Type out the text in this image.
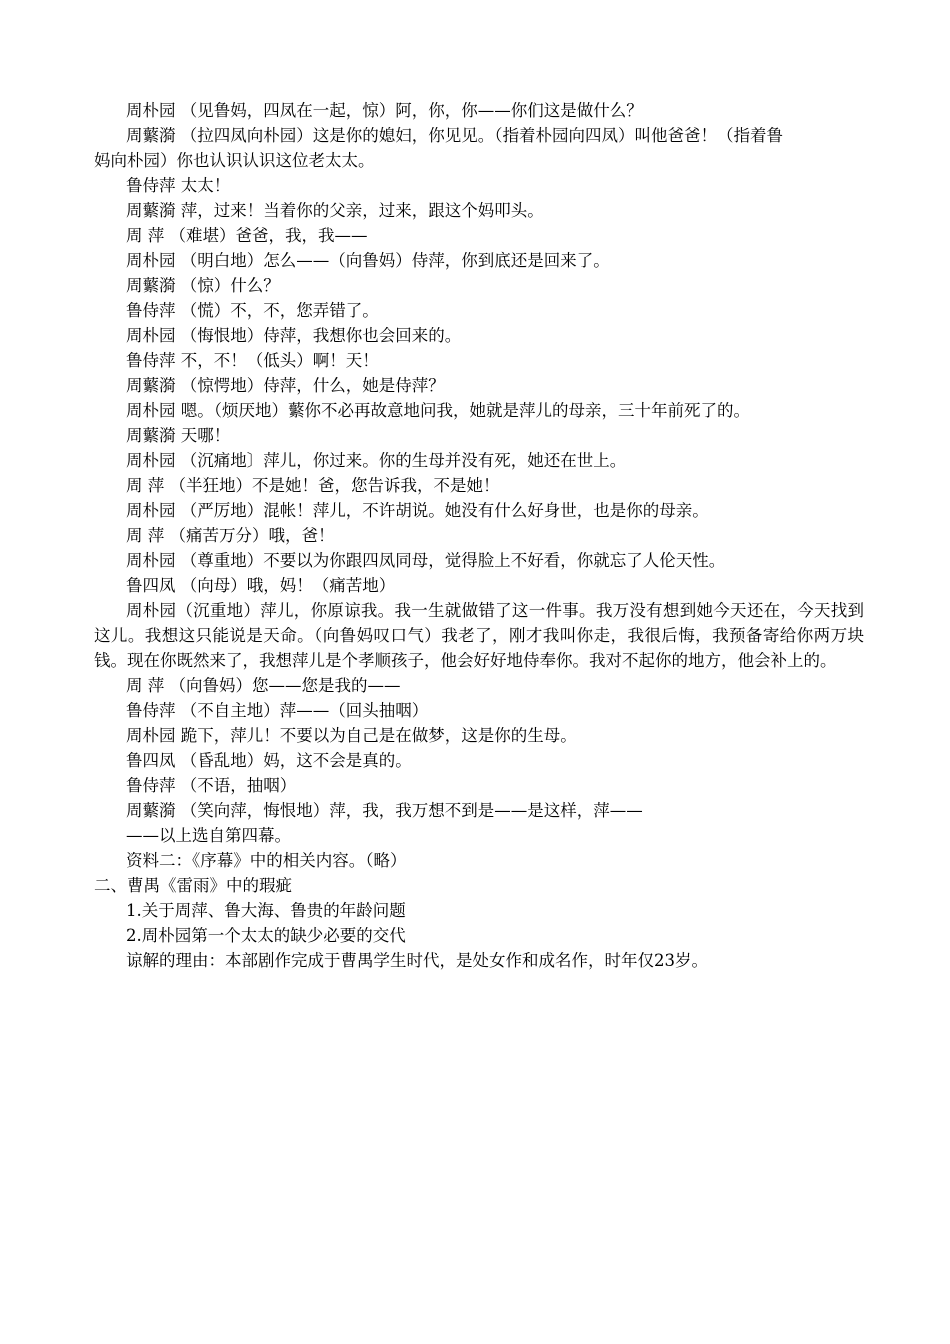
周朴园 （见鲁妈，四凤在一起，惊）阿，你，你——你们这是做什么？
周蘩漪 （拉四凤向朴园）这是你的媳妇，你见见。（指着朴园向四凤）叫他爸爸！（指着鲁
妈向朴园）你也认识认识这位老太太。
鲁侍萍 太太！
周蘩漪 萍，过来！当着你的父亲，过来，跟这个妈叩头。
周 萍 （难堪）爸爸，我，我——
周朴园 （明白地）怎么——（向鲁妈）侍萍，你到底还是回来了。
周蘩漪 （惊）什么？
鲁侍萍 （慌）不，不，您弄错了。
周朴园 （悔恨地）侍萍，我想你也会回来的。
鲁侍萍 不，不！（低头）啊！天！
周蘩漪 （惊愕地）侍萍，什么，她是侍萍？
周朴园 嗯。（烦厌地）蘩你不必再故意地问我，她就是萍儿的母亲，三十年前死了的。
周蘩漪 天哪！
周朴园 （沉痛地〕萍儿，你过来。你的生母并没有死，她还在世上。
周 萍 （半狂地）不是她！爸，您告诉我，不是她！
周朴园 （严厉地）混帐！萍儿，不许胡说。她没有什么好身世，也是你的母亲。
周 萍 （痛苦万分）哦，爸！
周朴园 （尊重地）不要以为你跟四凤同母，觉得脸上不好看，你就忘了人伦天性。
鲁四凤 （向母）哦，妈！（痛苦地）
周朴园（沉重地）萍儿，你原谅我。我一生就做错了这一件事。我万没有想到她今天还在，今天找到这儿。我想这只能说是天命。（向鲁妈叹口气）我老了，刚才我叫你走，我很后悔，我预备寄给你两万块钱。现在你既然来了，我想萍儿是个孝顺孩子，他会好好地侍奉你。我对不起你的地方，他会补上的。
周 萍 （向鲁妈）您——您是我的——
鲁侍萍 （不自主地）萍——（回头抽咽）
周朴园 跪下，萍儿！不要以为自己是在做梦，这是你的生母。
鲁四凤 （昏乱地）妈，这不会是真的。
鲁侍萍 （不语，抽咽）
周蘩漪 （笑向萍，悔恨地）萍，我，我万想不到是——是这样，萍——
——以上选自第四幕。
资料二：《序幕》中的相关内容。（略）
二、曹禺《雷雨》中的瑕疵
1.关于周萍、鲁大海、鲁贵的年龄问题
2.周朴园第一个太太的缺少必要的交代
谅解的理由：本部剧作完成于曹禺学生时代，是处女作和成名作，时年仅23岁。
